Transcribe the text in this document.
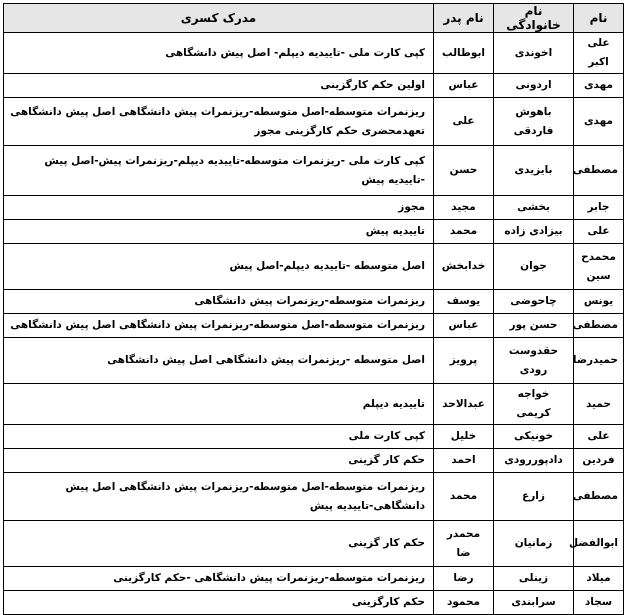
نام	نام خانوادگی	نام پدر	مدرک کسری
علی اکبر	اخوندی	ابوطالب	کپی کارت ملی -تاییدیه دیپلم- اصل پیش دانشگاهی
مهدی	اردونی	عباس	اولین حکم کارگزینی
مهدی	باهوش فاردقی	علی	ریزنمرات متوسطه-اصل متوسطه-ریزنمرات پیش دانشگاهی اصل پیش دانشگاهی تعهدمحضری حکم کارگزینی مجوز
مصطفی	بایزیدی	حسن	کپی کارت ملی -ریزنمرات متوسطه-تاییدیه دیپلم-ریزنمرات پیش-اصل پیش -تاییدیه پیش
جابر	بخشی	مجید	مجوز
علی	بیزادی زاده	محمد	تاییدیه پیش
محمدح سین	جوان	خدابخش	اصل متوسطه -تاییدیه دیپلم-اصل پیش
یونس	چاحوضی	یوسف	ریزنمرات متوسطه-ریزنمرات پیش دانشگاهی
مصطفی	حسن پور	عباس	ریزنمرات متوسطه-اصل متوسطه-ریزنمرات پیش دانشگاهی اصل پیش دانشگاهی
حمیدرضا	حقدوست رودی	پرویز	اصل متوسطه -ریزنمرات پیش دانشگاهی اصل پیش دانشگاهی
حمید	خواجه کریمی	عبدالاحد	تاییدیه دیپلم
علی	خونیکی	خلیل	کپی کارت ملی
فردین	داد‌پوررودی	احمد	حکم کار گزینی
مصطفی	زارع	محمد	ریزنمرات متوسطه-اصل متوسطه-ریزنمرات پیش دانشگاهی اصل پیش دانشگاهی-تاییدیه پیش
ابوالفضل	زمانیان	محمدر ضا	حکم کار گزینی
میلاد	زینلی	رضا	ریزنمرات متوسطه-ریزنمرات پیش دانشگاهی -حکم کارگزینی
سجاد	سرابندی	محمود	حکم کارگزینی
